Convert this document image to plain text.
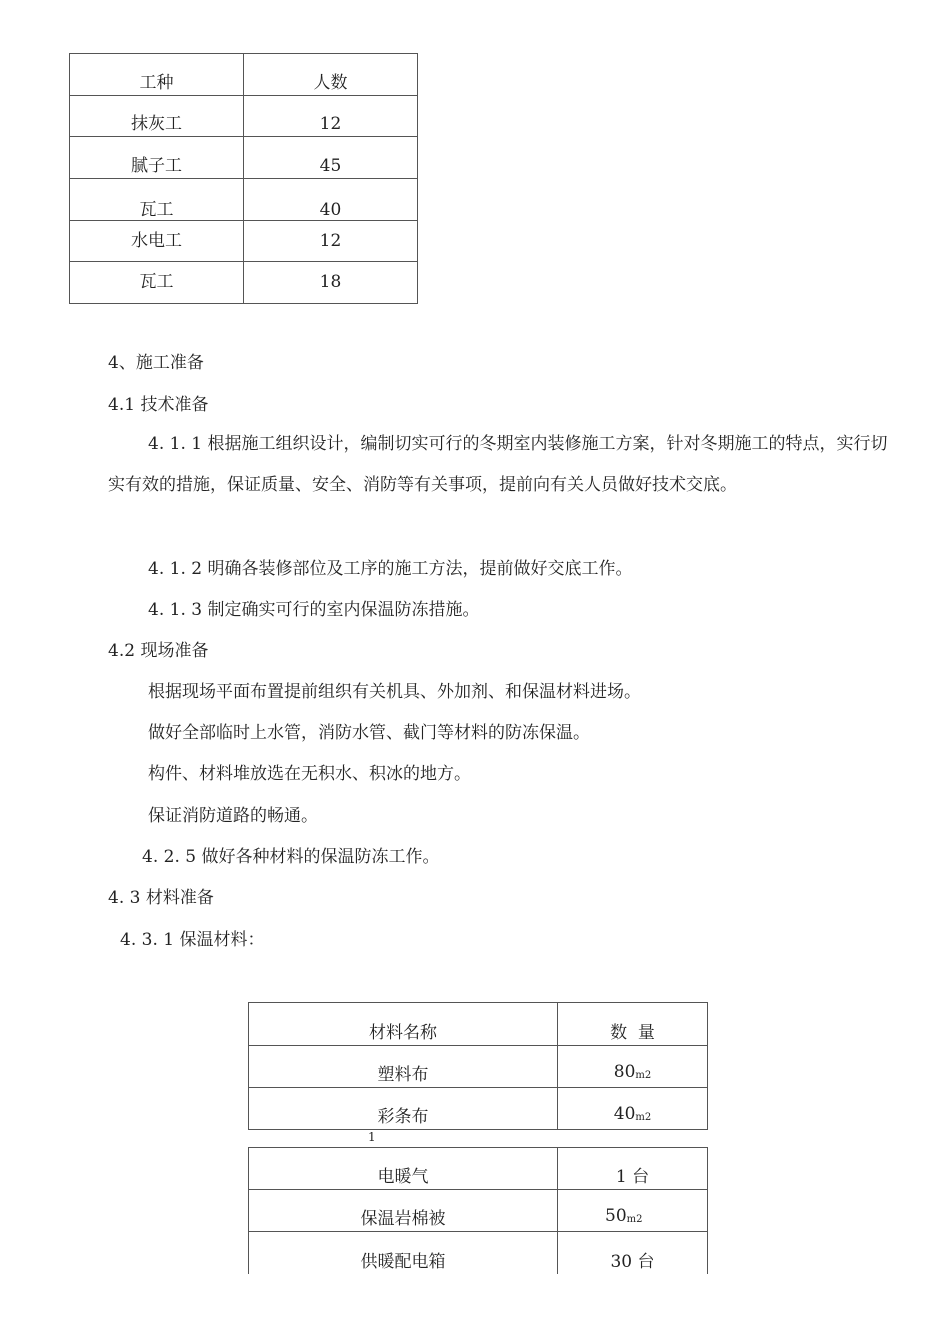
工种	人数
抹灰工	12
腻子工	45
瓦工	40
水电工	12
瓦工	18
4、施工准备
4.1 技术准备
4. 1. 1 根据施工组织设计，编制切实可行的冬期室内装修施工方案，针对冬期施工的特点，实行切实有效的措施，保证质量、安全、消防等有关事项，提前向有关人员做好技术交底。
4. 1. 2 明确各装修部位及工序的施工方法，提前做好交底工作。
4. 1. 3 制定确实可行的室内保温防冻措施。
4.2 现场准备
根据现场平面布置提前组织有关机具、外加剂、和保温材料进场。
做好全部临时上水管，消防水管、截门等材料的防冻保温。
构件、材料堆放选在无积水、积冰的地方。
保证消防道路的畅通。
4. 2. 5 做好各种材料的保温防冻工作。
4. 3 材料准备
4. 3. 1 保温材料：
材料名称	数  量
塑料布	$80_{m2}$
彩条布	$40_{m2}$
1
电暖气	1 台
保温岩棉被	$50_{m2}$
供暖配电箱	30 台
